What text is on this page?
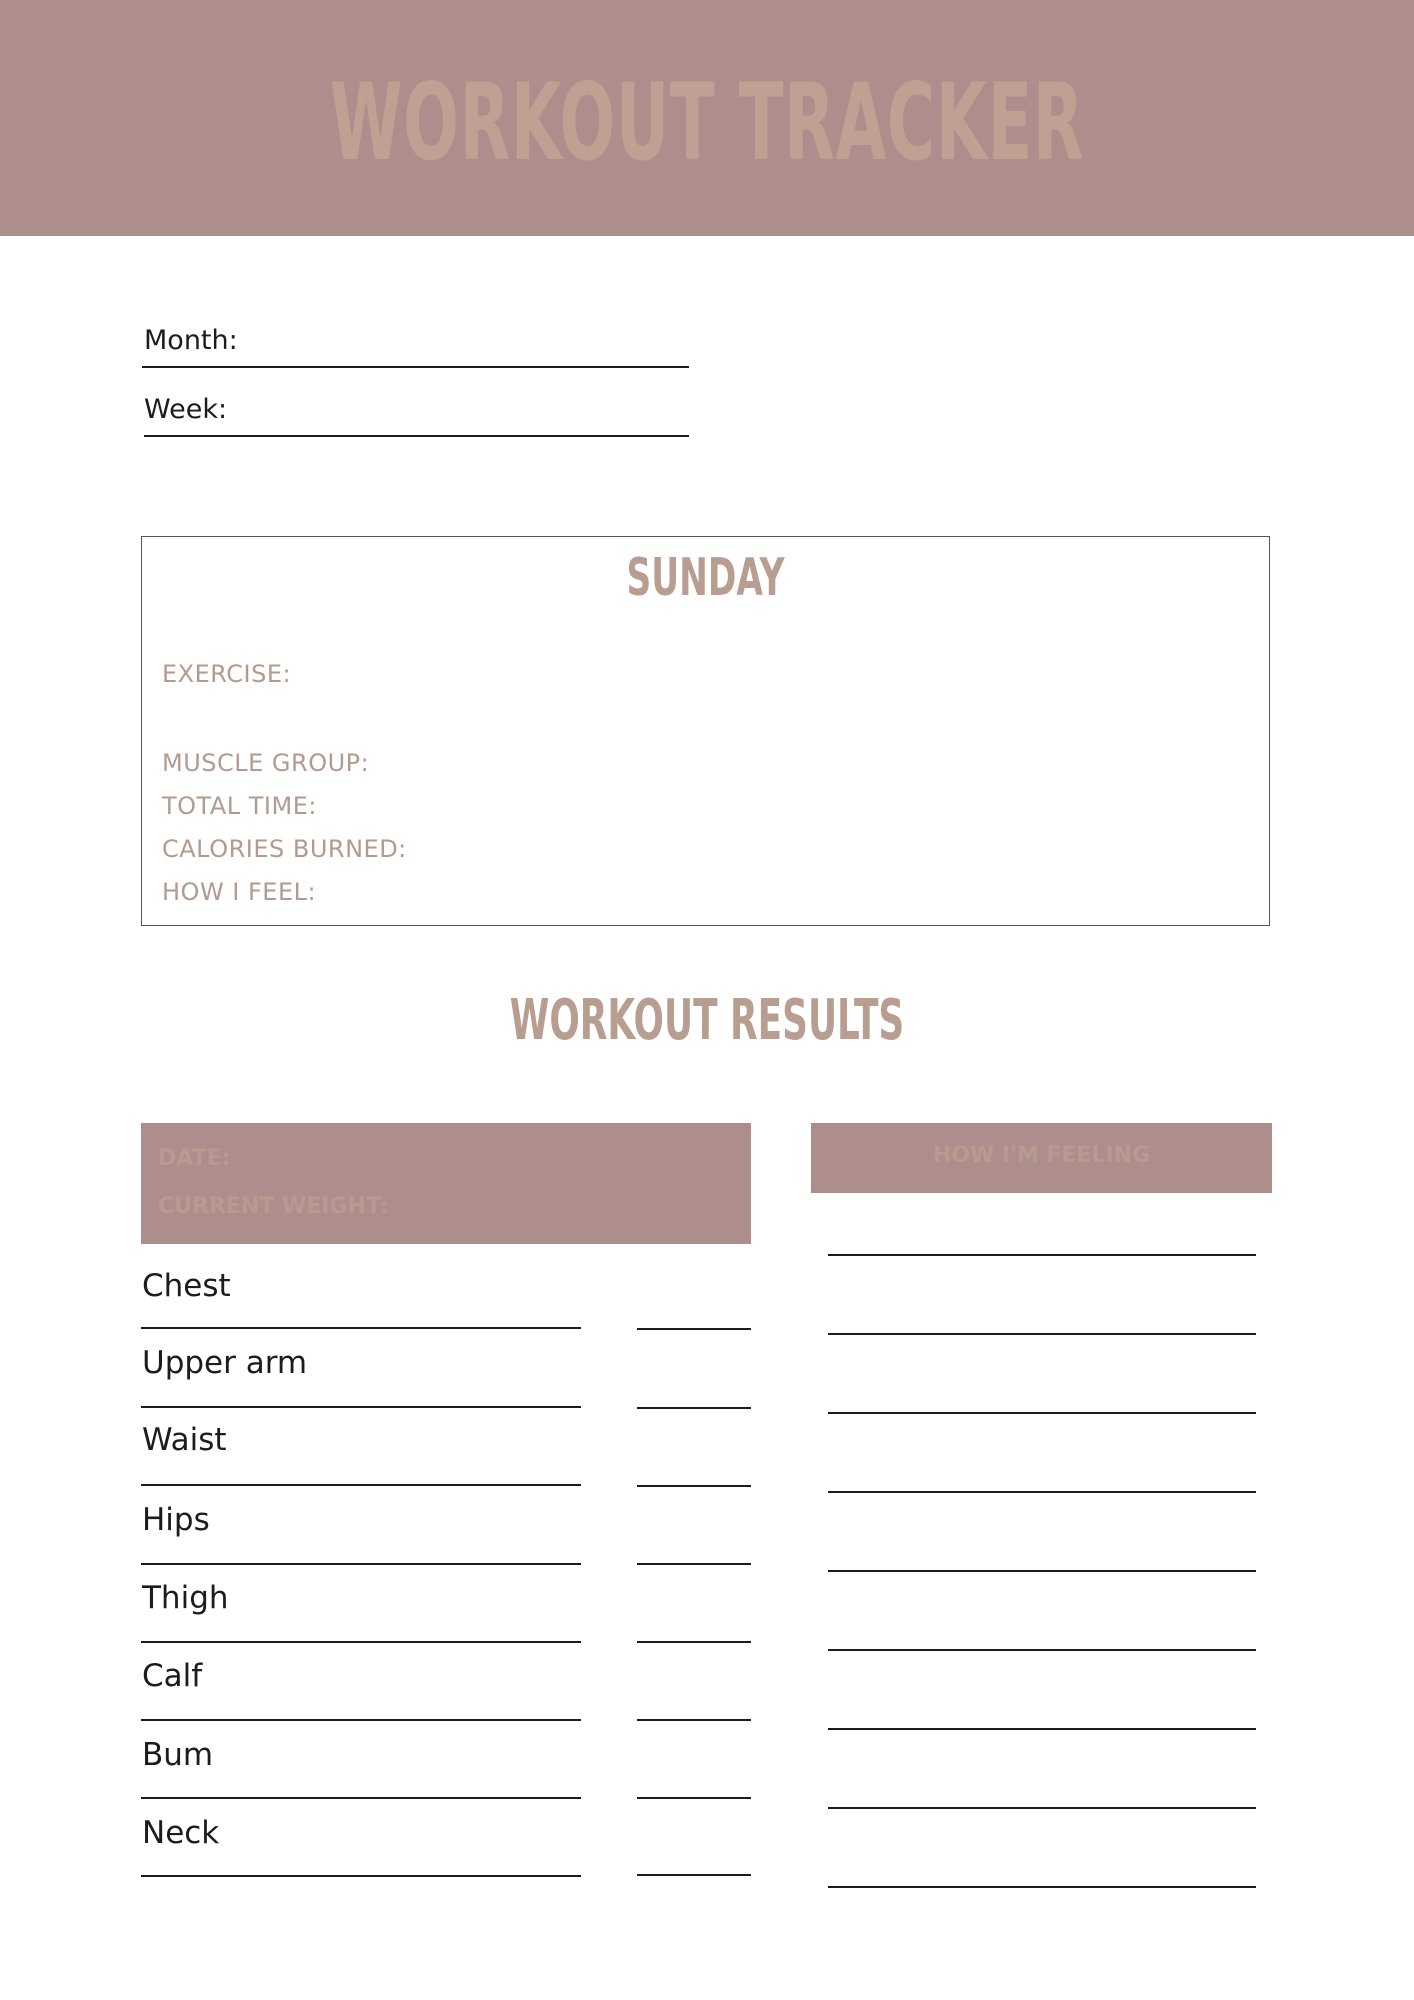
WORKOUT TRACKER
Month:
Week:
SUNDAY
EXERCISE:
MUSCLE GROUP:
TOTAL TIME:
CALORIES BURNED:
HOW I FEEL:
WORKOUT RESULTS
DATE:
CURRENT WEIGHT:
HOW I'M FEELING
Chest
Upper arm
Waist
Hips
Thigh
Calf
Bum
Neck
